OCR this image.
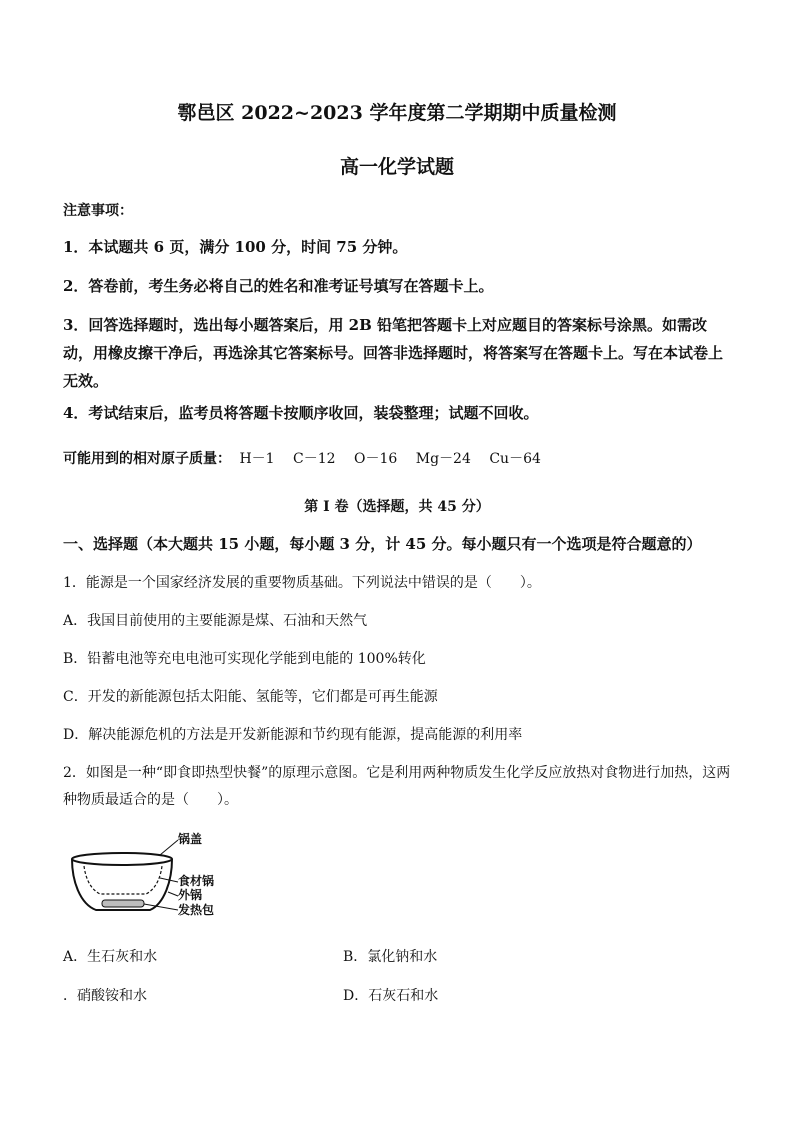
鄠邑区 2022~2023 学年度第二学期期中质量检测
高一化学试题
注意事项：
1．本试题共 6 页，满分 100 分，时间 75 分钟。
2．答卷前，考生务必将自己的姓名和准考证号填写在答题卡上。
3．回答选择题时，选出每小题答案后，用 2B 铅笔把答题卡上对应题目的答案标号涂黑。如需改动，用橡皮擦干净后，再选涂其它答案标号。回答非选择题时，将答案写在答题卡上。写在本试卷上无效。
4．考试结束后，监考员将答题卡按顺序收回，装袋整理；试题不回收。
可能用到的相对原子质量： H－1 C－12 O－16 Mg－24 Cu－64
第 I 卷（选择题，共 45 分）
一、选择题（本大题共 15 小题，每小题 3 分，计 45 分。每小题只有一个选项是符合题意的）
1．能源是一个国家经济发展的重要物质基础。下列说法中错误的是（　　）。
A．我国目前使用的主要能源是煤、石油和天然气
B．铅蓄电池等充电电池可实现化学能到电能的 100%转化
C．开发的新能源包括太阳能、氢能等，它们都是可再生能源
D．解决能源危机的方法是开发新能源和节约现有能源，提高能源的利用率
2．如图是一种“即食即热型快餐”的原理示意图。它是利用两种物质发生化学反应放热对食物进行加热，这两种物质最适合的是（　　）。
锅盖
食材锅
外锅
发热包
A．生石灰和水	B．氯化钠和水
．硝酸铵和水	D．石灰石和水
